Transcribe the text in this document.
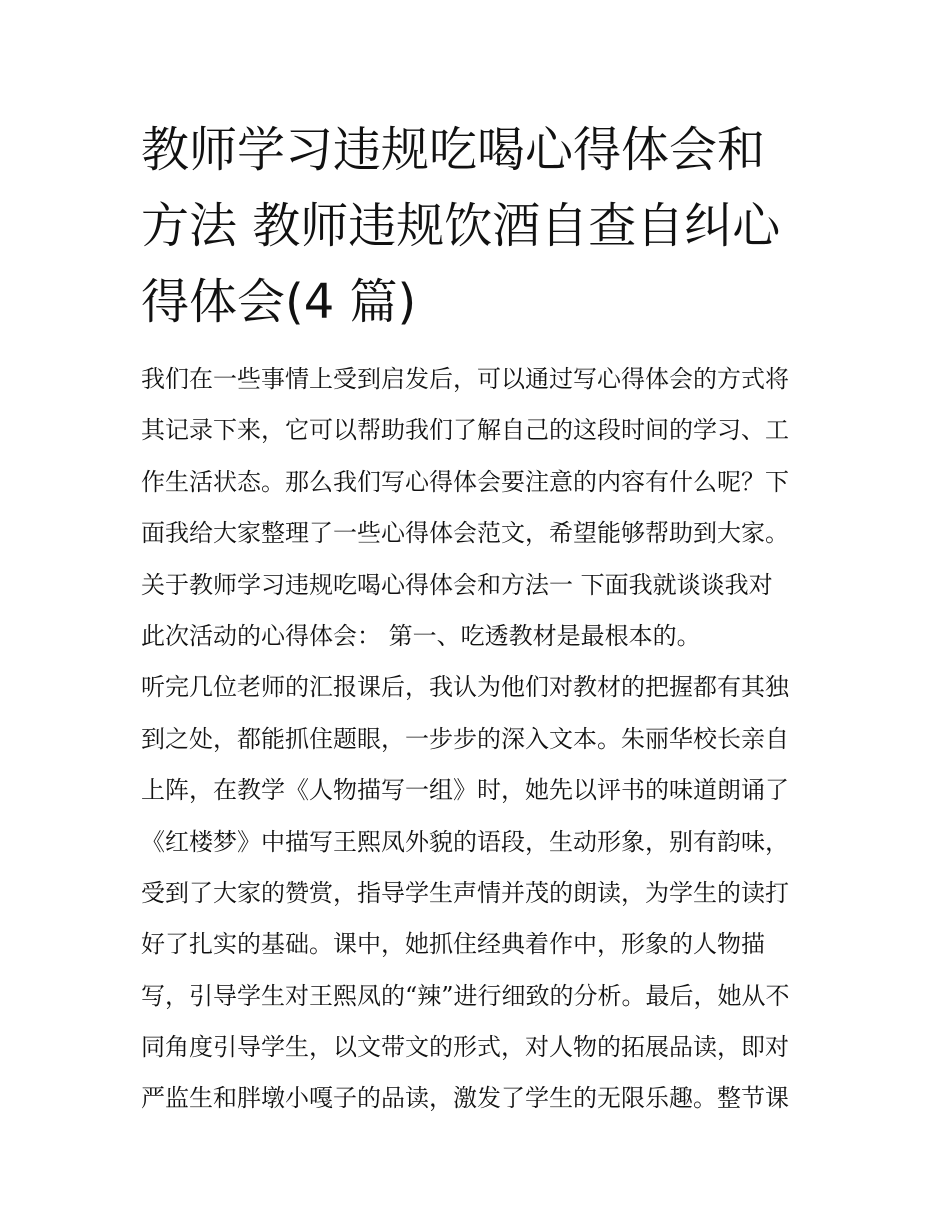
教师学习违规吃喝心得体会和
方法 教师违规饮酒自查自纠心
得体会(4 篇)

我们在一些事情上受到启发后，可以通过写心得体会的方式将

其记录下来，它可以帮助我们了解自己的这段时间的学习、工

作生活状态。那么我们写心得体会要注意的内容有什么呢？下

面我给大家整理了一些心得体会范文，希望能够帮助到大家。

关于教师学习违规吃喝心得体会和方法一 下面我就谈谈我对

此次活动的心得体会： 第一、吃透教材是最根本的。

听完几位老师的汇报课后，我认为他们对教材的把握都有其独

到之处，都能抓住题眼，一步步的深入文本。朱丽华校长亲自

上阵，在教学《人物描写一组》时，她先以评书的味道朗诵了

《红楼梦》中描写王熙凤外貌的语段，生动形象，别有韵味，

受到了大家的赞赏，指导学生声情并茂的朗读，为学生的读打

好了扎实的基础。课中，她抓住经典着作中，形象的人物描

写，引导学生对王熙凤的“辣”进行细致的分析。最后，她从不

同角度引导学生，以文带文的形式，对人物的拓展品读，即对

严监生和胖墩小嘎子的品读，激发了学生的无限乐趣。整节课
